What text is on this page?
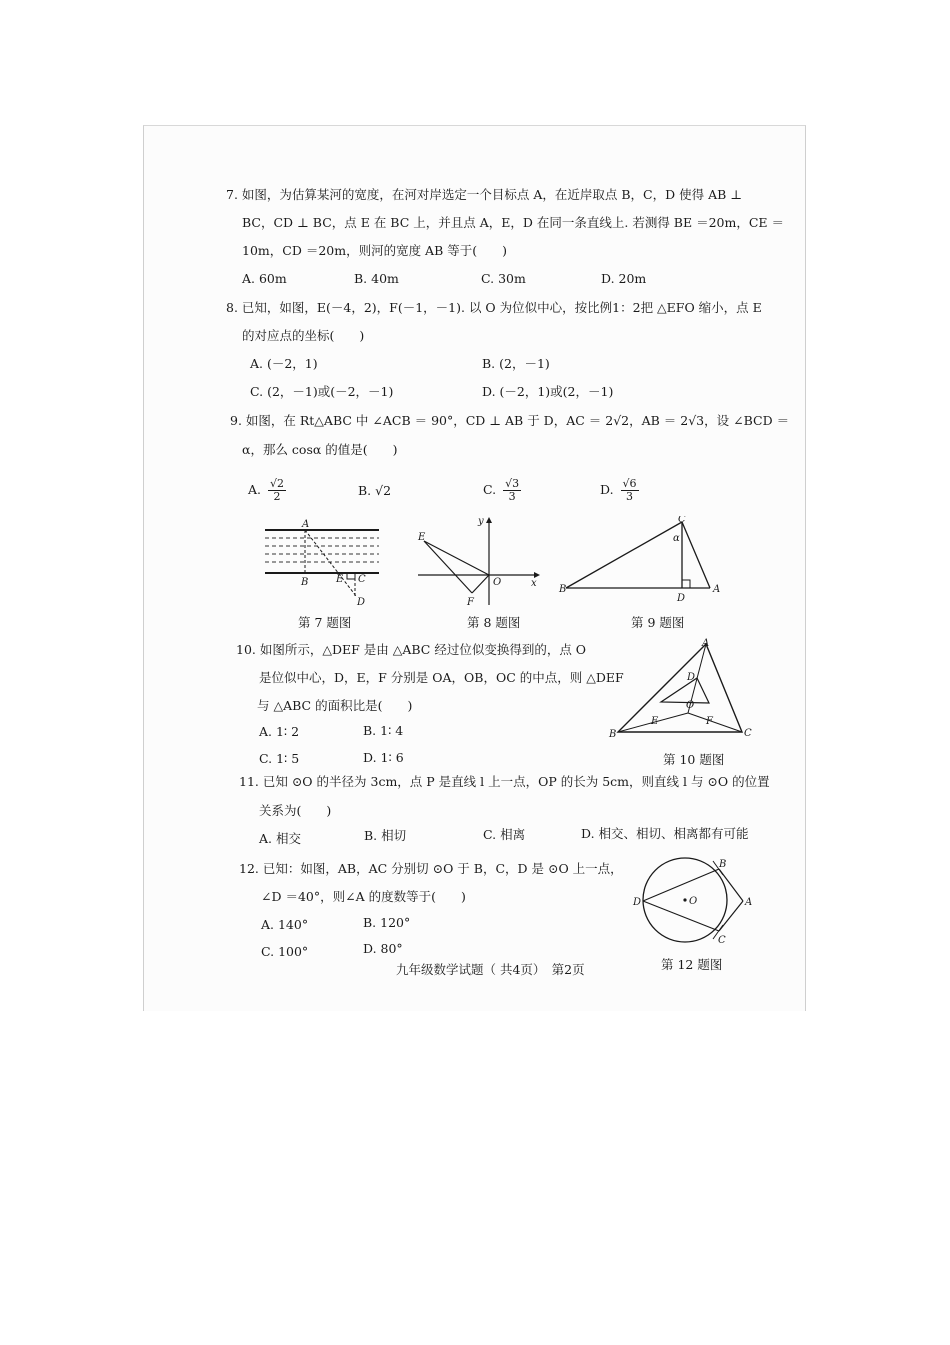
7. 如图，为估算某河的宽度，在河对岸选定一个目标点 A，在近岸取点 B，C，D 使得 AB ⊥
BC，CD ⊥ BC，点 E 在 BC 上，并且点 A，E，D 在同一条直线上. 若测得 BE ＝20m，CE ＝
10m，CD ＝20m，则河的宽度 AB 等于(　　)
A. 60m	B. 40m	C. 30m	D. 20m
8. 已知，如图，E(－4，2)，F(－1，－1). 以 O 为位似中心，按比例1：2把 △EFO 缩小，点 E
的对应点的坐标(　　)
A. (－2，1)	B. (2，－1)
C. (2，－1)或(－2，－1)	D. (－2，1)或(2，－1)
9. 如图，在 Rt△ABC 中 ∠ACB ＝ 90°，CD ⊥ AB 于 D，AC ＝ 2√2，AB ＝ 2√3，设 ∠BCD ＝
α，那么 cosα 的值是(　　)
A. $\frac{√2}{2}$	B. √2	C. $\frac{√3}{3}$	D. $\frac{√6}{3}$
A
B	E C
D
第 7 题图
E
F
O	x
y
第 8 题图
C
B	A
D
α
第 9 题图
10. 如图所示，△DEF 是由 △ABC 经过位似变换得到的，点 O
是位似中心，D，E，F 分别是 OA，OB，OC 的中点，则 △DEF
与 △ABC 的面积比是(　　)
A. 1∶ 2	B. 1∶ 4
C. 1∶ 5	D. 1∶ 6
A
B	C
D
E	F
O
第 10 题图
11. 已知 ⊙O 的半径为 3cm，点 P 是直线 l 上一点，OP 的长为 5cm，则直线 l 与 ⊙O 的位置
关系为(　　)
A. 相交	B. 相切	C. 相离	D. 相交、相切、相离都有可能
12. 已知：如图，AB，AC 分别切 ⊙O 于 B，C，D 是 ⊙O 上一点，
∠D ＝40°，则∠A 的度数等于(　　)
A. 140°	B. 120°
C. 100°	D. 80°
B
A
C
D	O
第 12 题图
九年级数学试题（ 共4页）　第2页
